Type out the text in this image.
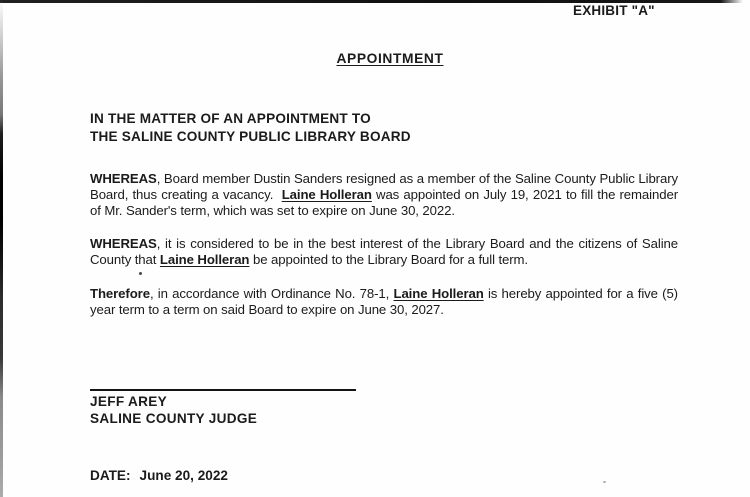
EXHIBIT "A"
APPOINTMENT
IN THE MATTER OF AN APPOINTMENT TO
THE SALINE COUNTY PUBLIC LIBRARY BOARD
WHEREAS, Board member Dustin Sanders resigned as a member of the Saline County Public Library Board, thus creating a vacancy.  Laine Holleran was appointed on July 19, 2021 to fill the remainder of Mr. Sander's term, which was set to expire on June 30, 2022.
WHEREAS, it is considered to be in the best interest of the Library Board and the citizens of Saline County that Laine Holleran be appointed to the Library Board for a full term.
Therefore, in accordance with Ordinance No. 78-1, Laine Holleran is hereby appointed for a five (5) year term to a term on said Board to expire on June 30, 2027.
JEFF AREY
SALINE COUNTY JUDGE
DATE: June 20, 2022
